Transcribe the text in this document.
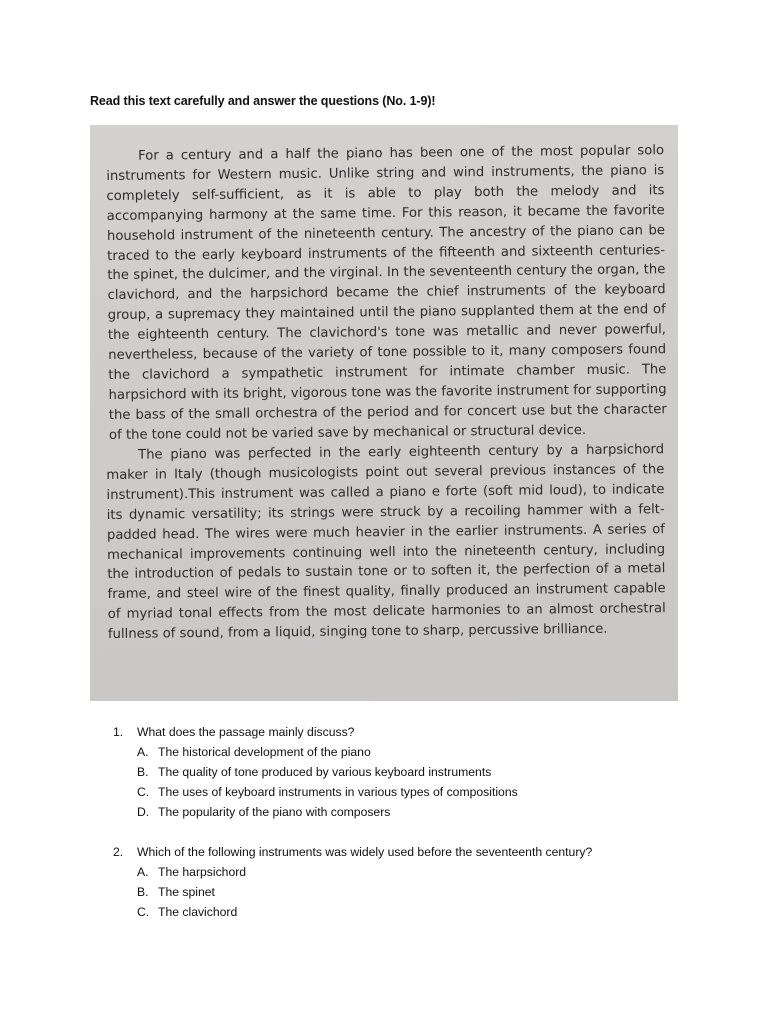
Read this text carefully and answer the questions (No. 1-9)!

For a century and a half the piano has been one of the most popular solo instruments for Western music. Unlike string and wind instruments, the piano is completely self-sufficient, as it is able to play both the melody and its accompanying harmony at the same time. For this reason, it became the favorite household instrument of the nineteenth century. The ancestry of the piano can be traced to the early keyboard instruments of the fifteenth and sixteenth centuries-the spinet, the dulcimer, and the virginal. In the seventeenth century the organ, the clavichord, and the harpsichord became the chief instruments of the keyboard group, a supremacy they maintained until the piano supplanted them at the end of the eighteenth century. The clavichord's tone was metallic and never powerful, nevertheless, because of the variety of tone possible to it, many composers found the clavichord a sympathetic instrument for intimate chamber music. The harpsichord with its bright, vigorous tone was the favorite instrument for supporting the bass of the small orchestra of the period and for concert use but the character of the tone could not be varied save by mechanical or structural device.

The piano was perfected in the early eighteenth century by a harpsichord maker in Italy (though musicologists point out several previous instances of the instrument).This instrument was called a piano e forte (soft mid loud), to indicate its dynamic versatility; its strings were struck by a recoiling hammer with a felt-padded head. The wires were much heavier in the earlier instruments. A series of mechanical improvements continuing well into the nineteenth century, including the introduction of pedals to sustain tone or to soften it, the perfection of a metal frame, and steel wire of the finest quality, finally produced an instrument capable of myriad tonal effects from the most delicate harmonies to an almost orchestral fullness of sound, from a liquid, singing tone to sharp, percussive brilliance.

1.	What does the passage mainly discuss?
A. The historical development of the piano
B. The quality of tone produced by various keyboard instruments
C. The uses of keyboard instruments in various types of compositions
D. The popularity of the piano with composers
2.	Which of the following instruments was widely used before the seventeenth century?
A. The harpsichord
B. The spinet
C. The clavichord
